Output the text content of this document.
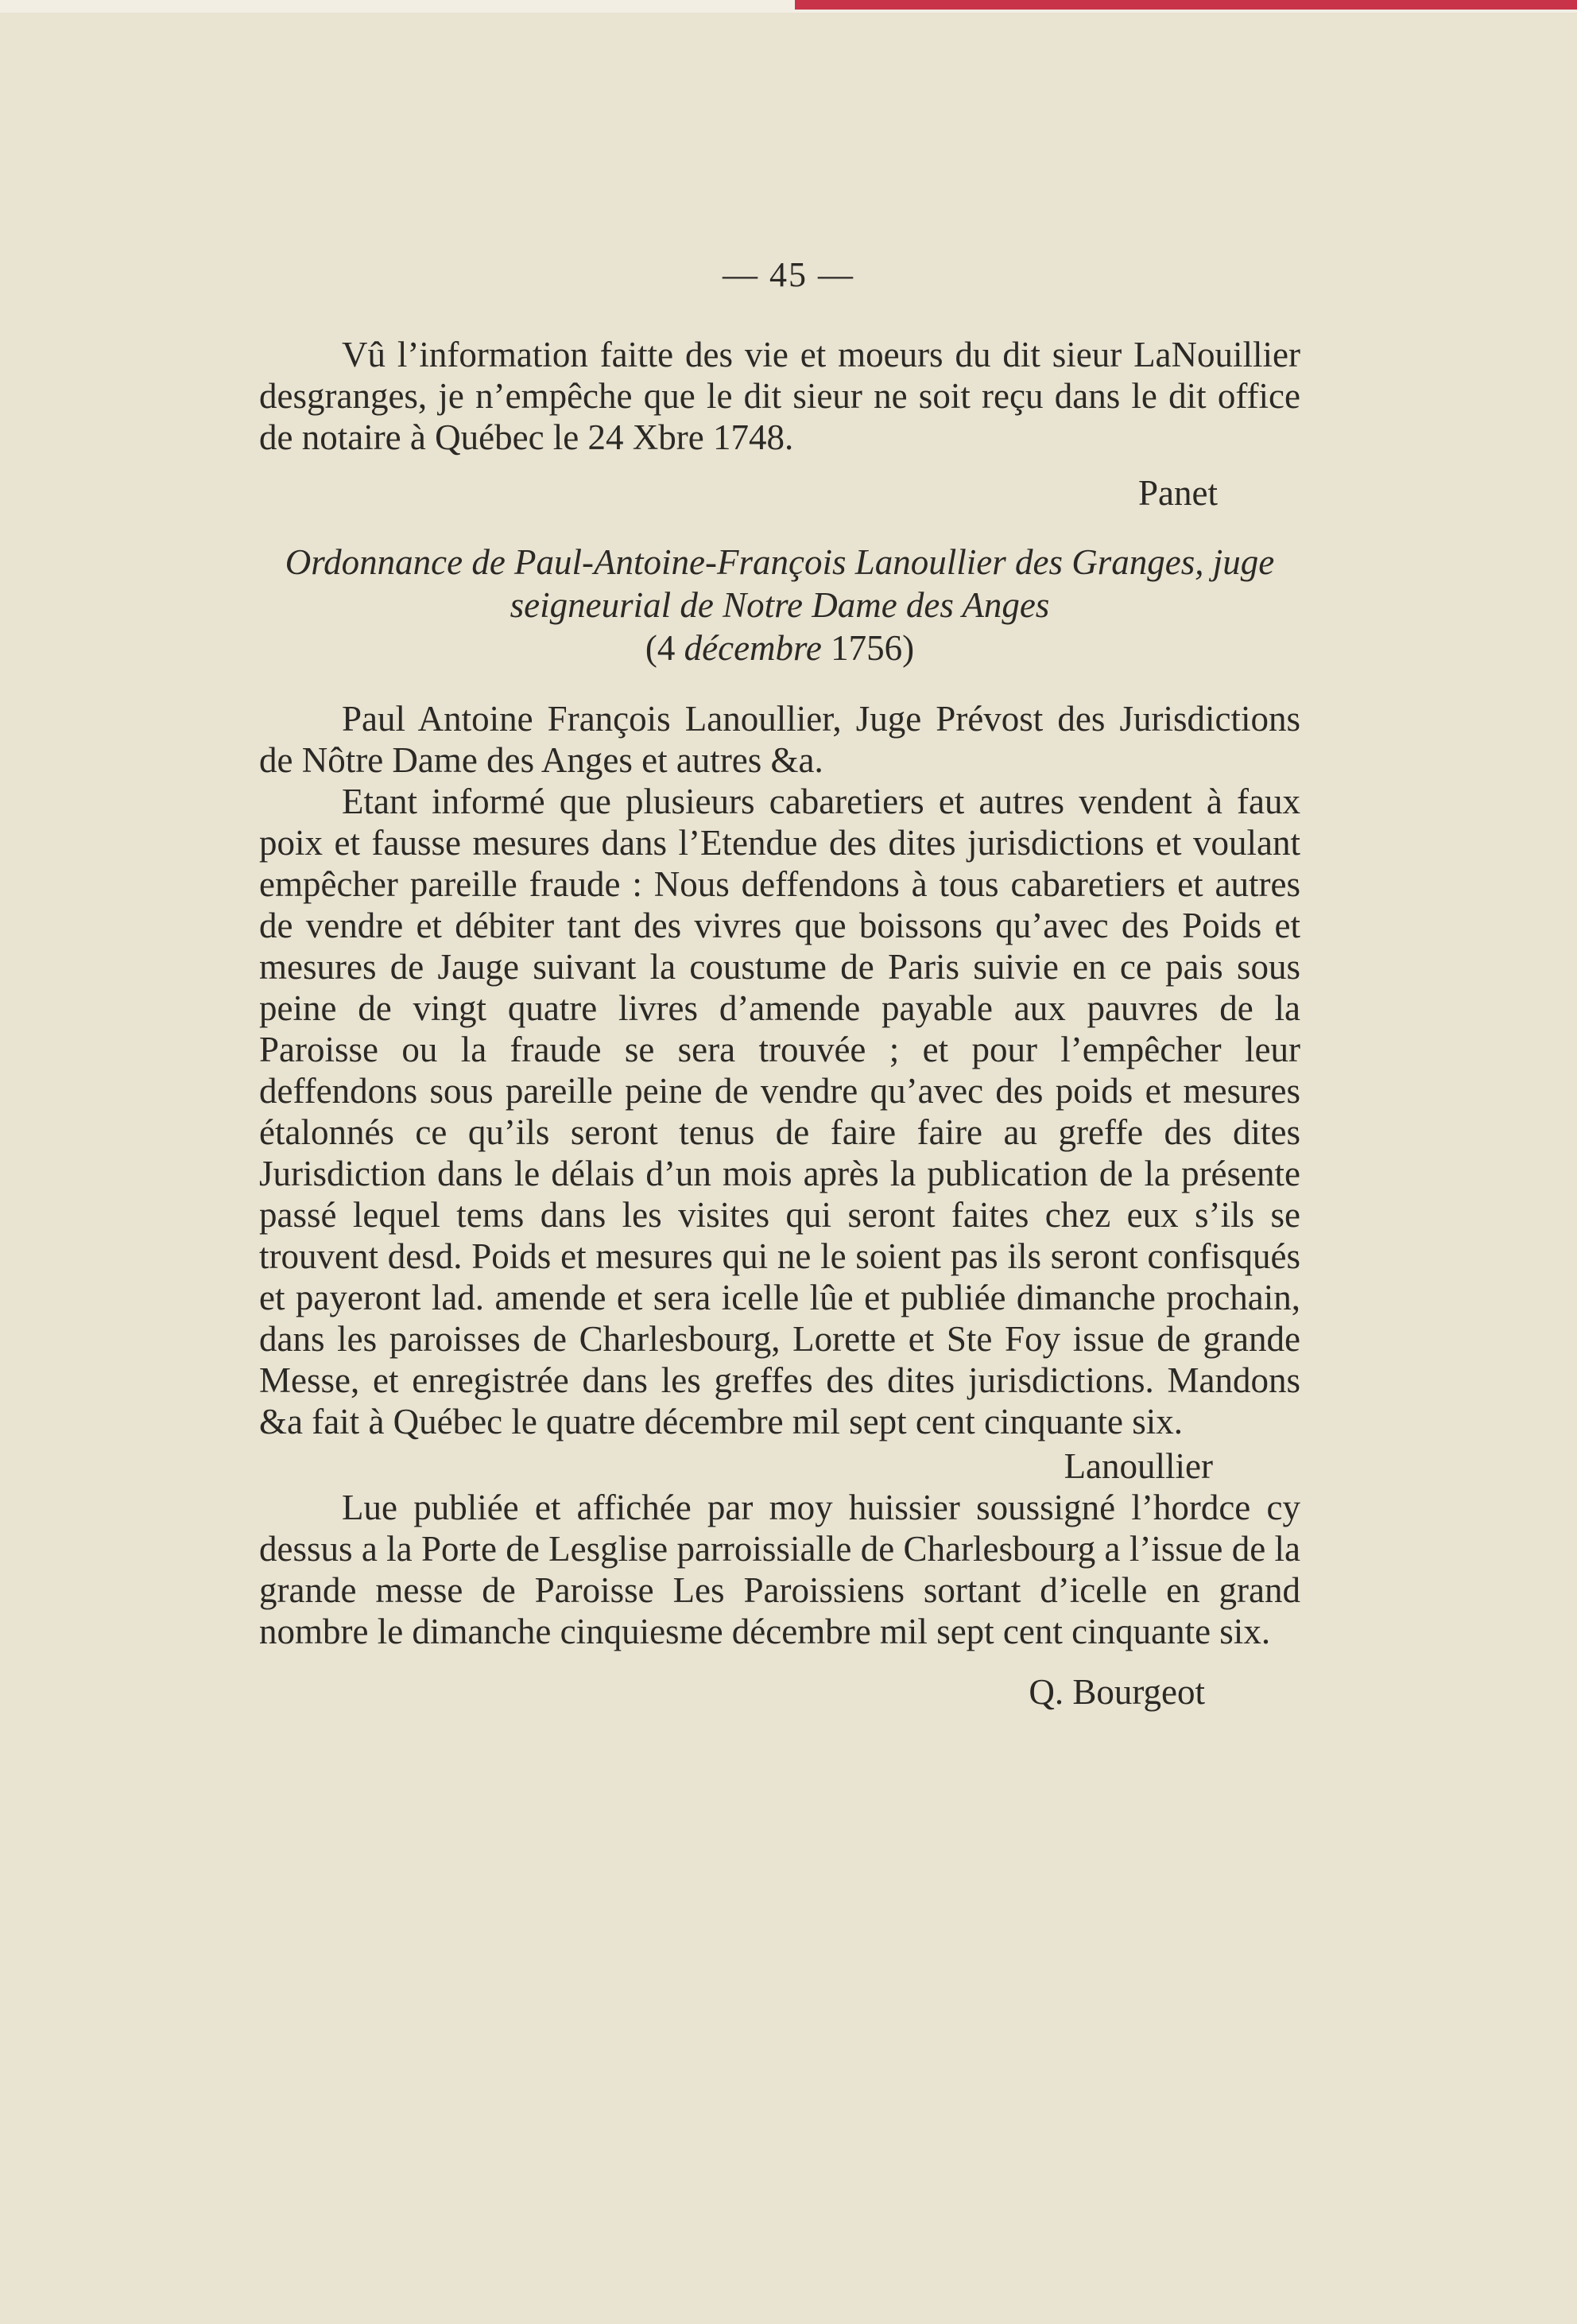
— 45 —

Vû l’information faitte des vie et moeurs du dit sieur LaNouillier desgranges, je n’empêche que le dit sieur ne soit reçu dans le dit office de notaire à Québec le 24 Xbre 1748.

Panet

Ordonnance de Paul-Antoine-François Lanoullier des Granges, juge seigneurial de Notre Dame des Anges
(4 décembre 1756)

Paul Antoine François Lanoullier, Juge Prévost des Jurisdictions de Nôtre Dame des Anges et autres &a.

Etant informé que plusieurs cabaretiers et autres vendent à faux poix et fausse mesures dans l’Etendue des dites jurisdictions et voulant empêcher pareille fraude : Nous deffendons à tous cabaretiers et autres de vendre et débiter tant des vivres que boissons qu’avec des Poids et mesures de Jauge suivant la coustume de Paris suivie en ce pais sous peine de vingt quatre livres d’amende payable aux pauvres de la Paroisse ou la fraude se sera trouvée ; et pour l’empêcher leur deffendons sous pareille peine de vendre qu’avec des poids et mesures étalonnés ce qu’ils seront tenus de faire faire au greffe des dites Jurisdiction dans le délais d’un mois après la publication de la présente passé lequel tems dans les visites qui seront faites chez eux s’ils se trouvent desd. Poids et mesures qui ne le soient pas ils seront confisqués et payeront lad. amende et sera icelle lûe et publiée dimanche prochain, dans les paroisses de Charlesbourg, Lorette et Ste Foy issue de grande Messe, et enregistrée dans les greffes des dites jurisdictions. Mandons &a fait à Québec le quatre décembre mil sept cent cinquante six.

Lanoullier

Lue publiée et affichée par moy huissier soussigné l’hordce cy dessus a la Porte de Lesglise parroissialle de Charlesbourg a l’issue de la grande messe de Paroisse Les Paroissiens sortant d’icelle en grand nombre le dimanche cinquiesme décembre mil sept cent cinquante six.

Q. Bourgeot
